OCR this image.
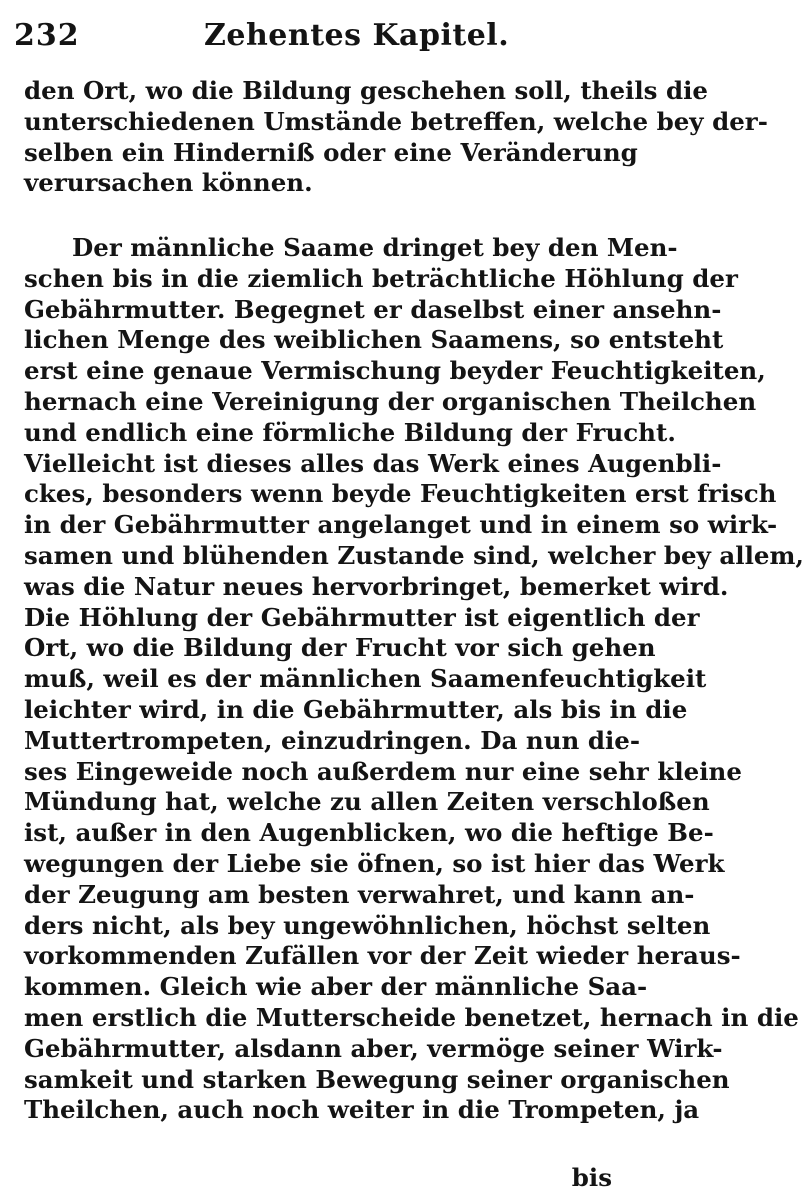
232	Zehentes Kapitel.

den Ort, wo die Bildung geschehen soll, theils die
unterschiedenen Umstände betreffen, welche bey der-
selben ein Hinderniß oder eine Veränderung
verursachen können.

Der männliche Saame dringet bey den Men-
schen bis in die ziemlich beträchtliche Höhlung der
Gebährmutter. Begegnet er daselbst einer ansehn-
lichen Menge des weiblichen Saamens, so entsteht
erst eine genaue Vermischung beyder Feuchtigkeiten,
hernach eine Vereinigung der organischen Theilchen
und endlich eine förmliche Bildung der Frucht.
Vielleicht ist dieses alles das Werk eines Augenbli-
ckes, besonders wenn beyde Feuchtigkeiten erst frisch
in der Gebährmutter angelanget und in einem so wirk-
samen und blühenden Zustande sind, welcher bey allem,
was die Natur neues hervorbringet, bemerket wird.
Die Höhlung der Gebährmutter ist eigentlich der
Ort, wo die Bildung der Frucht vor sich gehen
muß, weil es der männlichen Saamenfeuchtigkeit
leichter wird, in die Gebährmutter, als bis in die
Muttertrompeten, einzudringen. Da nun die-
ses Eingeweide noch außerdem nur eine sehr kleine
Mündung hat, welche zu allen Zeiten verschloßen
ist, außer in den Augenblicken, wo die heftige Be-
wegungen der Liebe sie öfnen, so ist hier das Werk
der Zeugung am besten verwahret, und kann an-
ders nicht, als bey ungewöhnlichen, höchst selten
vorkommenden Zufällen vor der Zeit wieder heraus-
kommen. Gleich wie aber der männliche Saa-
men erstlich die Mutterscheide benetzet, hernach in die
Gebährmutter, alsdann aber, vermöge seiner Wirk-
samkeit und starken Bewegung seiner organischen
Theilchen, auch noch weiter in die Trompeten, ja

bis
